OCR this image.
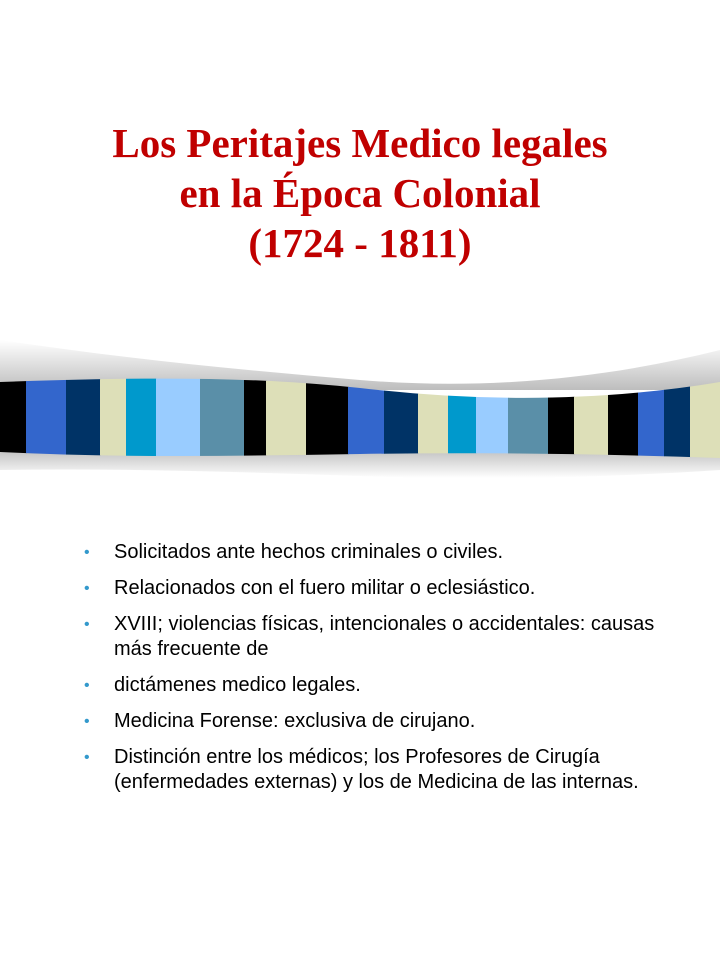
Los Peritajes Medico legales
en la Época Colonial
(1724 - 1811)
• Solicitados ante hechos criminales o civiles.
• Relacionados con el fuero militar o eclesiástico.
• XVIII; violencias físicas, intencionales o accidentales: causas más frecuente de
• dictámenes medico legales.
• Medicina Forense: exclusiva de cirujano.
• Distinción entre los médicos; los Profesores de Cirugía (enfermedades externas) y los de Medicina de las internas.
